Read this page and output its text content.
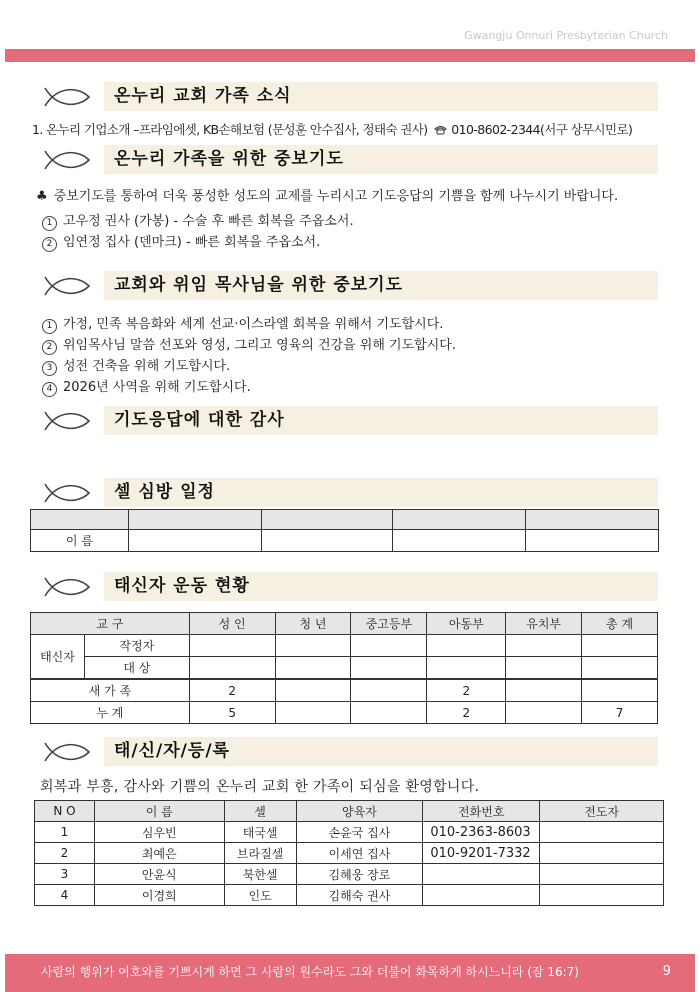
Gwangju Onnuri Presbyterian Church
온누리 교회 가족 소식
1. 온누리 기업소개 –프라임에셋, KB손해보험 (문성훈 안수집사, 정태숙 권사) 010-8602-2344(서구 상무시민로)
온누리 가족을 위한 중보기도
♣ 중보기도를 통하여 더욱 풍성한 성도의 교제를 누리시고 기도응답의 기쁨을 함께 나누시기 바랍니다.
1 고우정 권사 (가봉) - 수술 후 빠른 회복을 주옵소서.
2 임연정 집사 (덴마크) - 빠른 회복을 주옵소서.
교회와 위임 목사님을 위한 중보기도
1 가정, 민족 복음화와 세계 선교·이스라엘 회복을 위해서 기도합시다.
2 위임목사님 말씀 선포와 영성, 그리고 영육의 건강을 위해 기도합시다.
3 성전 건축을 위해 기도합시다.
4 2026년 사역을 위해 기도합시다.
기도응답에 대한 감사
셀 심방 일정

이 름				
태신자 운동 현황
교 구		성 인	청 년	중고등부	아동부	유치부	총 계
태신자	작정자						
	대 상						
새 가 족		2			2		
누 계		5			2		7
태/신/자/등/록
회복과 부흥, 감사와 기쁨의 온누리 교회 한 가족이 되심을 환영합니다.
N O	이 름	셀	양육자	전화번호	전도자
1	심우빈	태국셀	손윤국 집사	010-2363-8603	
2	최예은	브라질셀	이세연 집사	010-9201-7332	
3	안윤식	북한셀	김혜웅 장로		
4	이경희	인도	김해숙 권사		
사람의 행위가 여호와를 기쁘시게 하면 그 사람의 원수라도 그와 더불어 화목하게 하시느니라 (잠 16:7)	9
